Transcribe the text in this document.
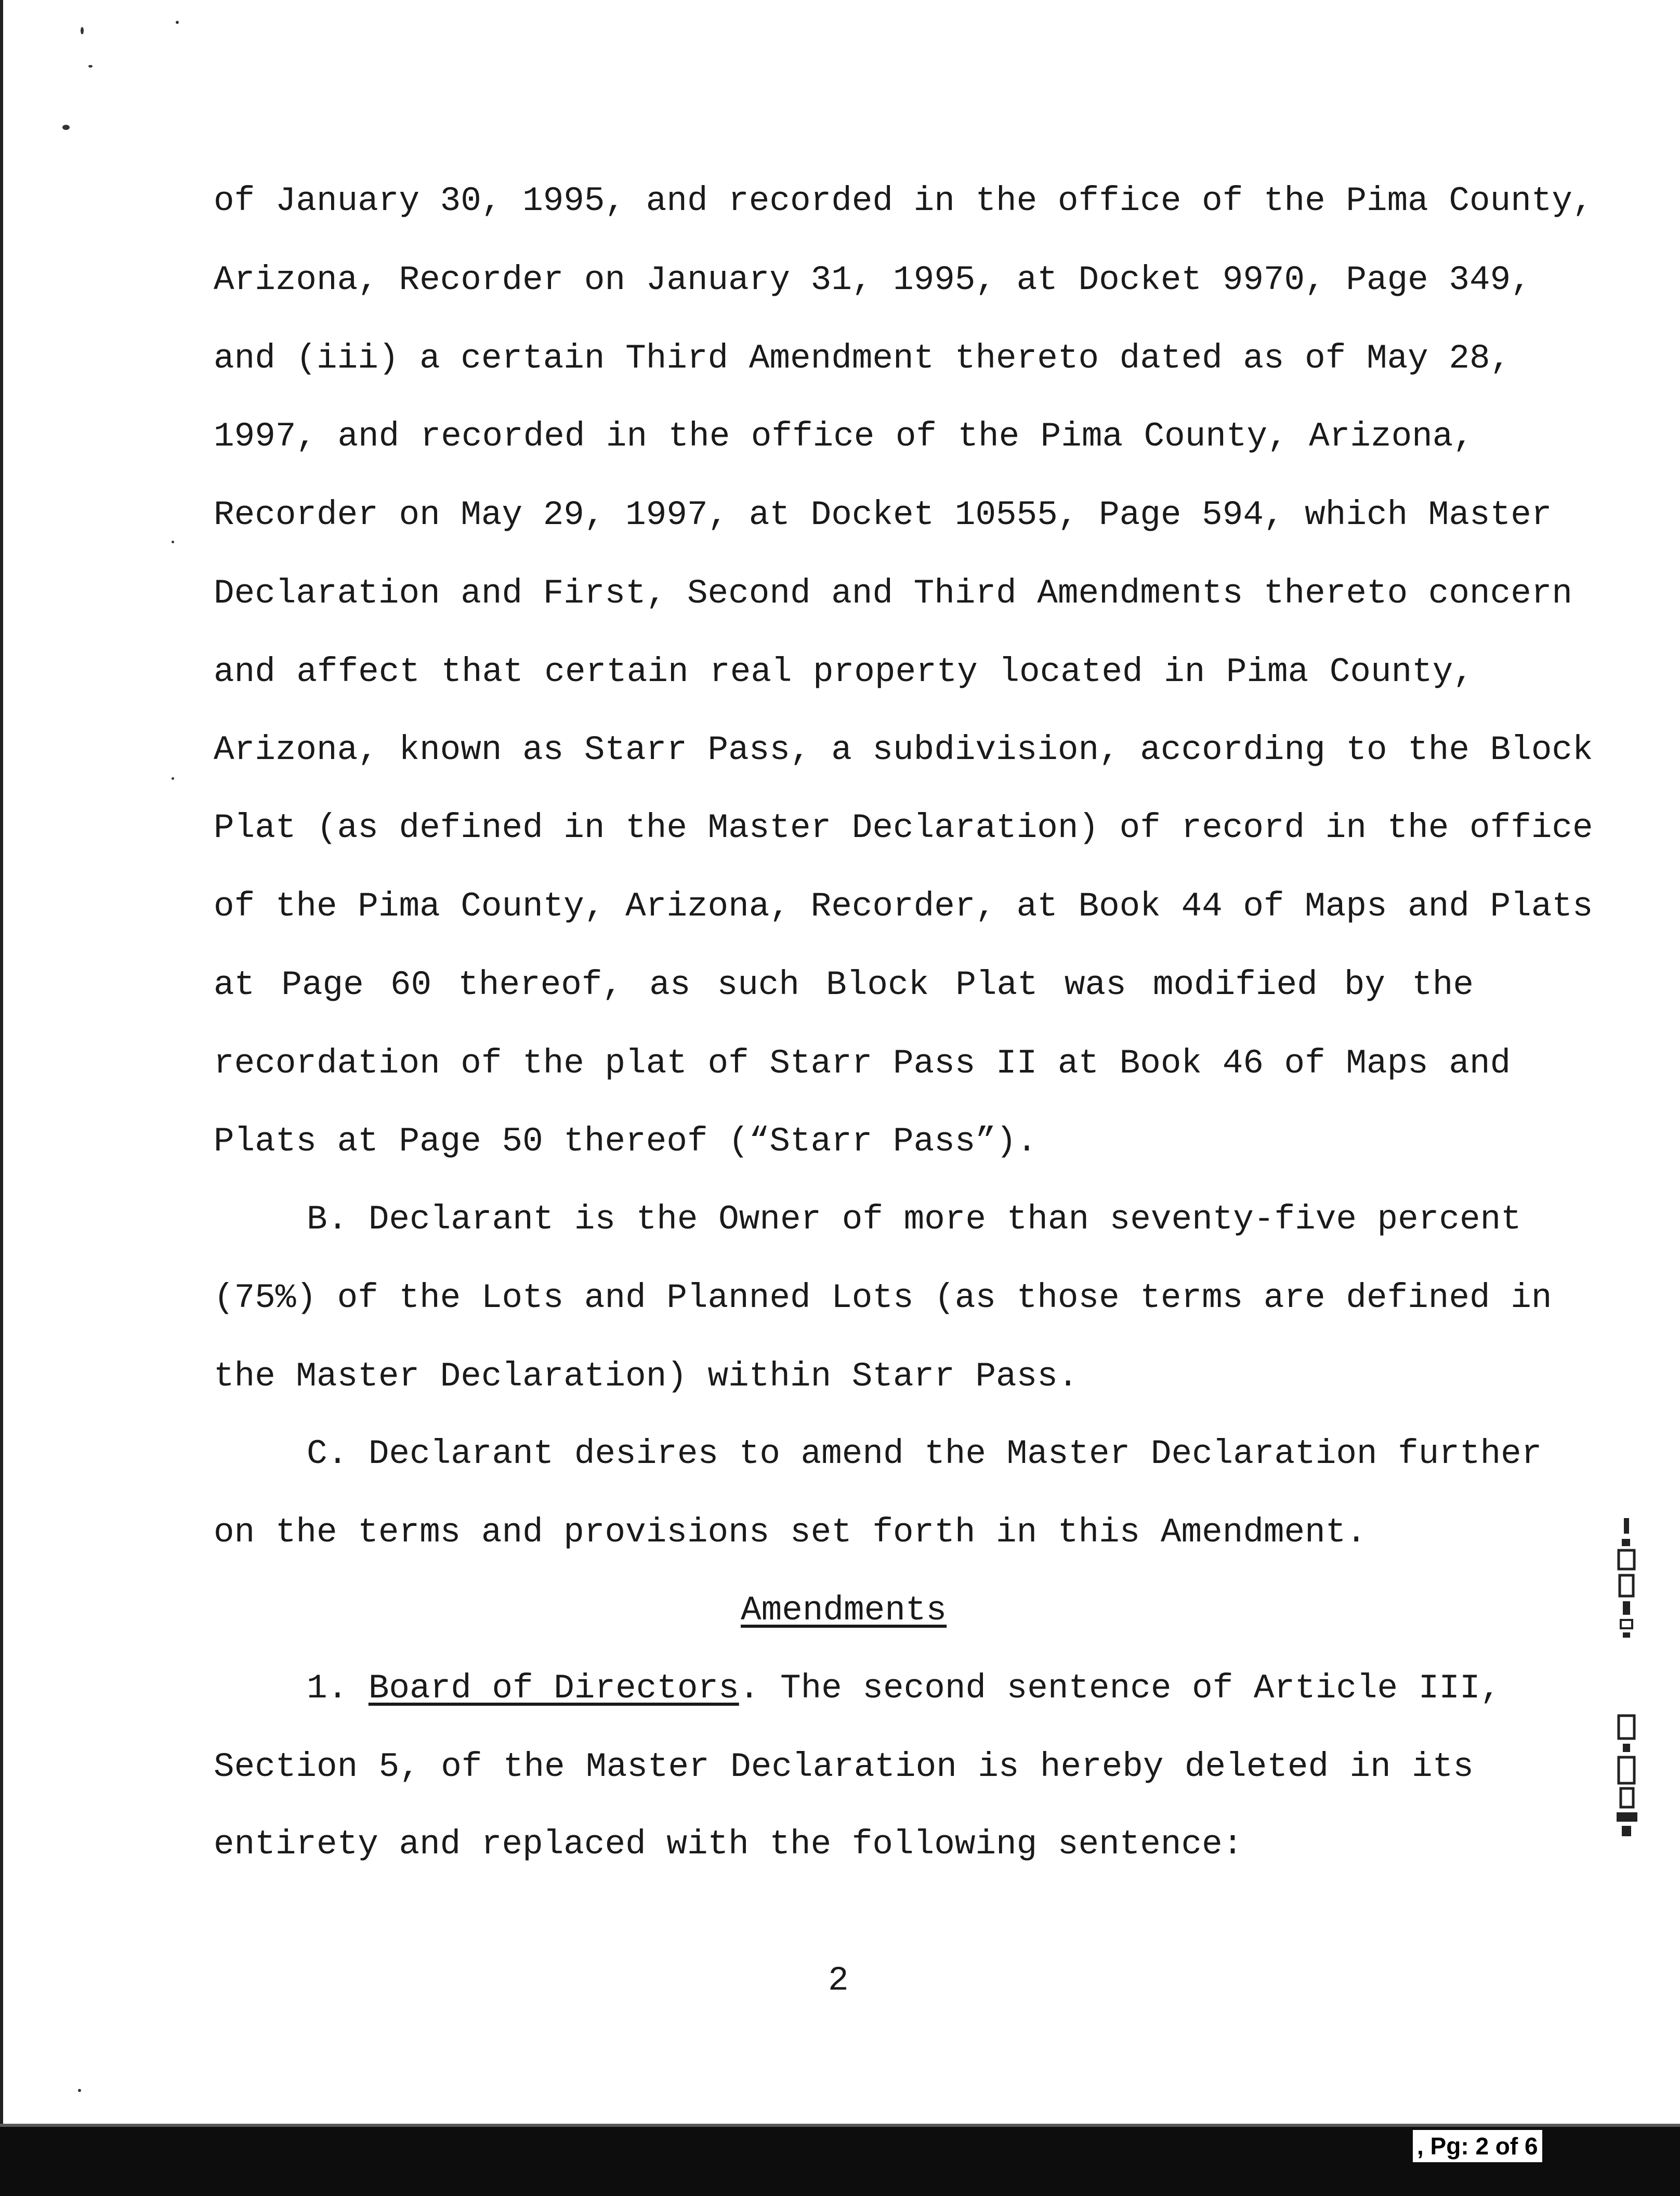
of January 30, 1995, and recorded in the office of the Pima County,
Arizona, Recorder on January 31, 1995, at Docket 9970, Page 349,
and (iii) a certain Third Amendment thereto dated as of May 28,
1997, and recorded in the office of the Pima County, Arizona,
Recorder on May 29, 1997, at Docket 10555, Page 594, which Master
Declaration and First, Second and Third Amendments thereto concern
and affect that certain real property located in Pima County,
Arizona, known as Starr Pass, a subdivision, according to the Block
Plat (as defined in the Master Declaration) of record in the office
of the Pima County, Arizona, Recorder, at Book 44 of Maps and Plats
at Page 60 thereof, as such Block Plat was modified by the
recordation of the plat of Starr Pass II at Book 46 of Maps and
Plats at Page 50 thereof (“Starr Pass”).
B. Declarant is the Owner of more than seventy-five percent
(75%) of the Lots and Planned Lots (as those terms are defined in
the Master Declaration) within Starr Pass.
C. Declarant desires to amend the Master Declaration further
on the terms and provisions set forth in this Amendment.
Amendments
1. Board of Directors . The second sentence of Article III,
Section 5, of the Master Declaration is hereby deleted in its
entirety and replaced with the following sentence:
2
, Pg: 2 of 6
